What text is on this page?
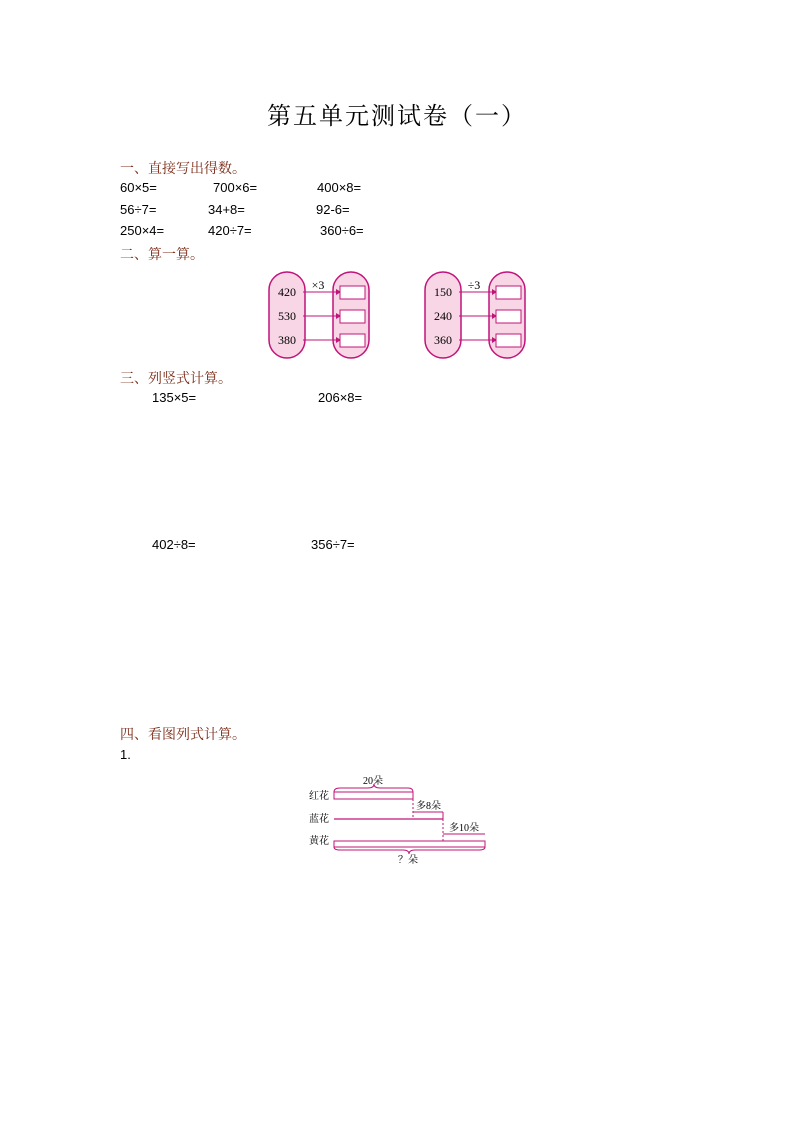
第五单元测试卷（一）
一、直接写出得数。
60×5=	700×6=	400×8=
56÷7=	34+8=	92-6=
250×4=	420÷7=	360÷6=
二、算一算。
420
530
380
×3	150
240
360
÷3
三、列竖式计算。
135×5=	206×8=
402÷8=	356÷7=
四、看图列式计算。
1.
红花
蓝花
黄花
20朵
多8朵
多10朵
？朵
